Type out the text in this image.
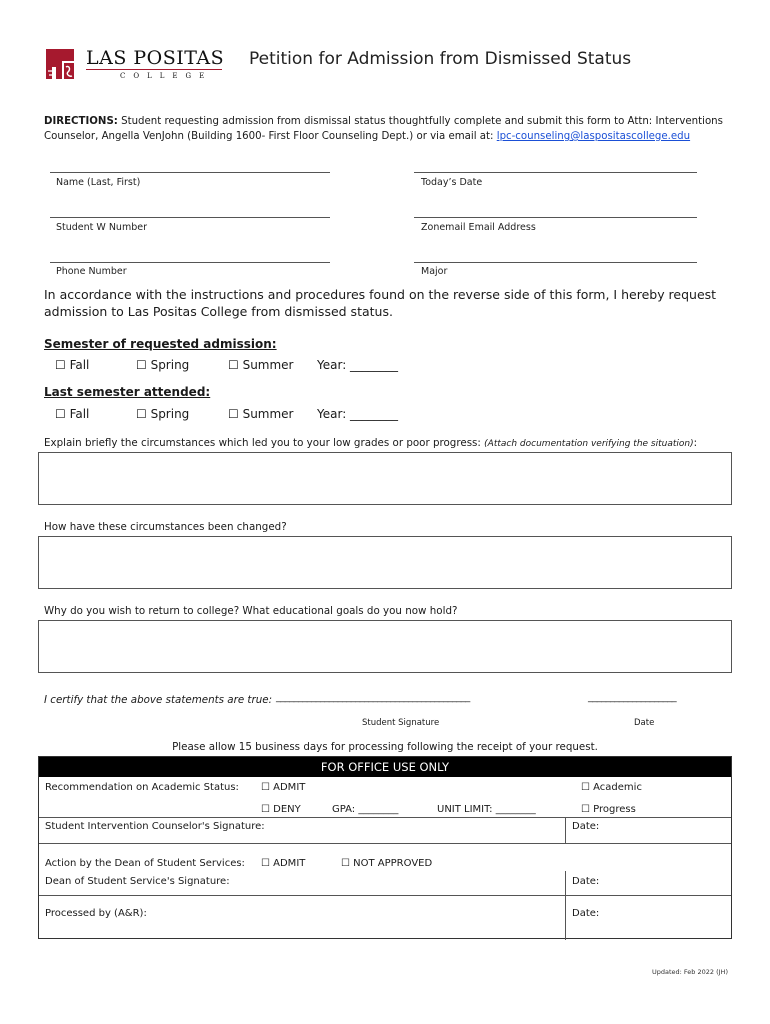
LAS POSITAS
COLLEGE
Petition for Admission from Dismissed Status
DIRECTIONS: Student requesting admission from dismissal status thoughtfully complete and submit this form to Attn: Interventions Counselor, Angella VenJohn (Building 1600- First Floor Counseling Dept.) or via email at: lpc-counseling@laspositascollege.edu
Name (Last, First)	Today’s Date
Student W Number	Zonemail Email Address
Phone Number	Major
In accordance with the instructions and procedures found on the reverse side of this form, I hereby request admission to Las Positas College from dismissed status.
Semester of requested admission:
☐ Fall	☐ Spring	☐ Summer Year: ________
Last semester attended:
☐ Fall	☐ Spring	☐ Summer Year: ________
Explain briefly the circumstances which led you to your low grades or poor progress: (Attach documentation verifying the situation):
How have these circumstances been changed?
Why do you wish to return to college? What educational goals do you now hold?
I certify that the above statements are true: ____________________________________________	____________________
Student Signature	Date
Please allow 15 business days for processing following the receipt of your request.
FOR OFFICE USE ONLY
Recommendation on Academic Status: ☐ ADMIT	☐ Academic
☐ DENY	GPA: ________	UNIT LIMIT: ________	☐ Progress
Student Intervention Counselor's Signature:	Date:
Action by the Dean of Student Services: ☐ ADMIT	☐ NOT APPROVED
Dean of Student Service's Signature:	Date:
Processed by (A&R):	Date:
Updated: Feb 2022 (JH)
